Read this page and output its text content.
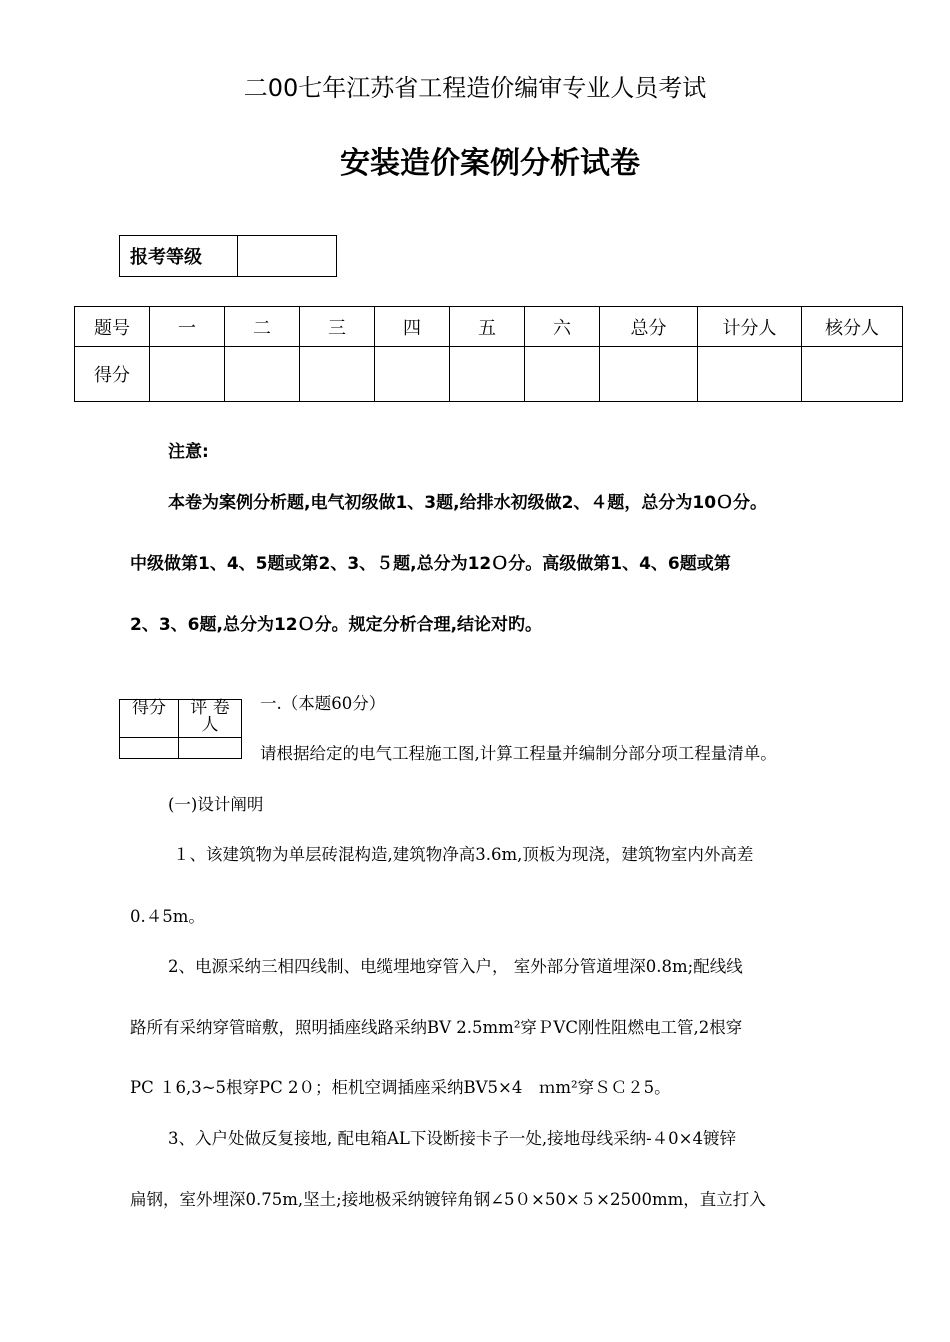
二00七年江苏省工程造价编审专业人员考试
安装造价案例分析试卷
报考等级	
题号	一	二	三	四	五	六	总分	计分人	核分人
得分									
注意:
本卷为案例分析题,电气初级做1、3题,给排水初级做2、４题，总分为10Ｏ分。
中级做第1、4、5题或第2、3、５题,总分为12Ｏ分。高级做第1、4、6题或第
2、3、6题,总分为12Ｏ分。规定分析合理,结论对旳。
得分	评 卷
人

一.（本题60分）
请根据给定的电气工程施工图,计算工程量并编制分部分项工程量清单。
(一)设计阐明
１、该建筑物为单层砖混构造,建筑物净高3.6m,顶板为现浇，建筑物室内外高差
0.４5m。
2、电源采纳三相四线制、电缆埋地穿管入户， 室外部分管道埋深0.8m;配线线
路所有采纳穿管暗敷，照明插座线路采纳BV 2.5mm²穿ＰVC刚性阻燃电工管,2根穿
PC １6,3~5根穿PC 2０；柜机空调插座采纳BV5×4　ｍm²穿ＳＣ２5。
3、入户处做反复接地, 配电箱AL下设断接卡子一处,接地母线采纳-４0×4镀锌
扁钢，室外埋深0.75m,坚土;接地极采纳镀锌角钢∠5０×50×５×2500mm，直立打入
